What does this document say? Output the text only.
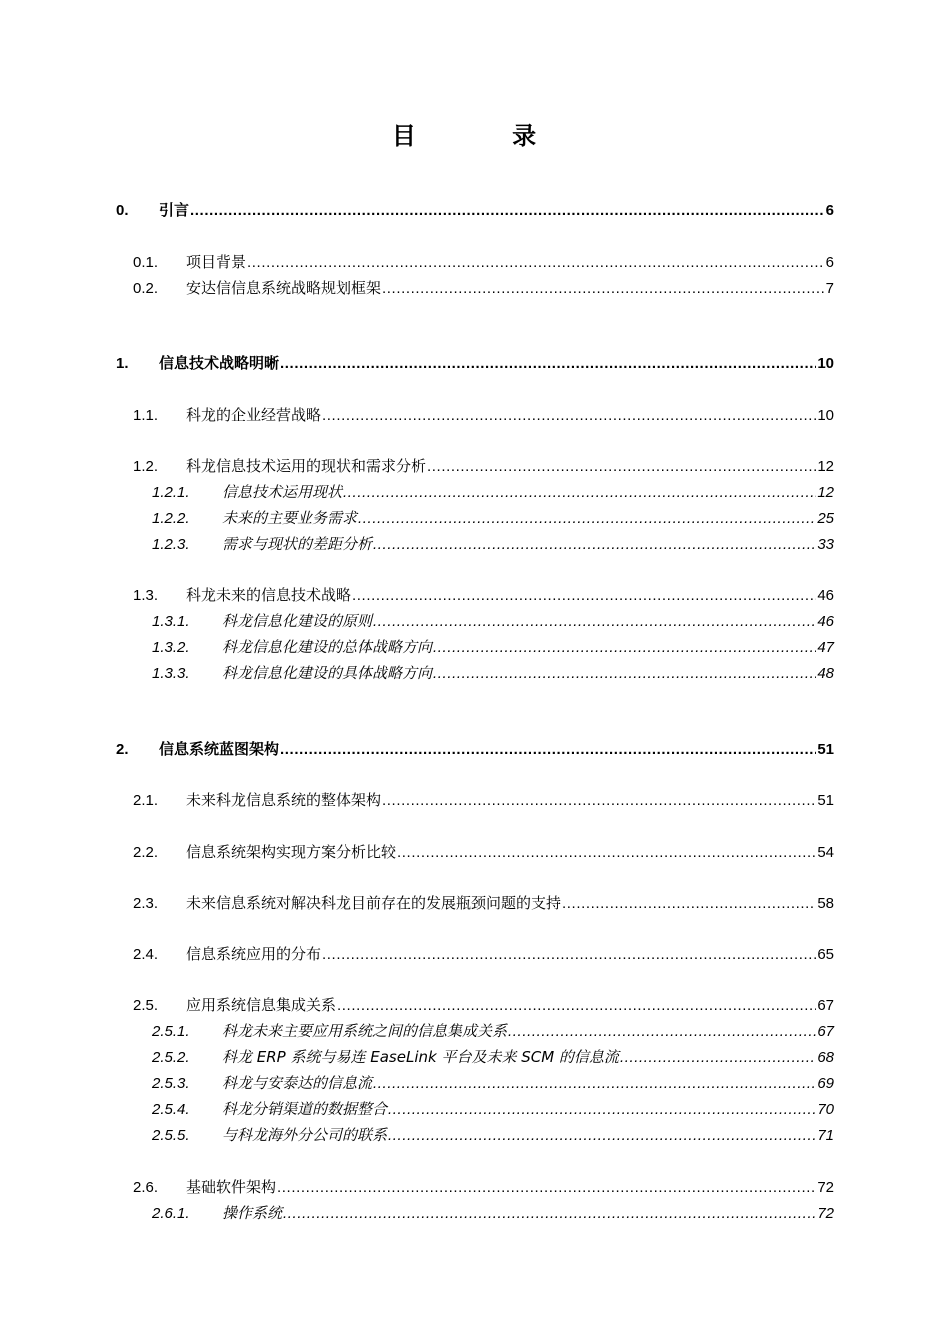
目 录
0.	引言 .....	6
0.1.	项目背景 .....	6
0.2.	安达信信息系统战略规划框架 .....	7
1.	信息技术战略明晰 .....	10
1.1.	科龙的企业经营战略 .....	10
1.2.	科龙信息技术运用的现状和需求分析 .....	12
1.2.1.	信息技术运用现状 .....	12
1.2.2.	未来的主要业务需求 .....	25
1.2.3.	需求与现状的差距分析 .....	33
1.3.	科龙未来的信息技术战略 .....	46
1.3.1.	科龙信息化建设的原则 .....	46
1.3.2.	科龙信息化建设的总体战略方向 .....	47
1.3.3.	科龙信息化建设的具体战略方向 .....	48
2.	信息系统蓝图架构 .....	51
2.1.	未来科龙信息系统的整体架构 .....	51
2.2.	信息系统架构实现方案分析比较 .....	54
2.3.	未来信息系统对解决科龙目前存在的发展瓶颈问题的支持 .....	58
2.4.	信息系统应用的分布 .....	65
2.5.	应用系统信息集成关系 .....	67
2.5.1.	科龙未来主要应用系统之间的信息集成关系 .....	67
2.5.2.	科龙 ERP 系统与易连 EaseLink 平台及未来 SCM 的信息流 .....	68
2.5.3.	科龙与安泰达的信息流 .....	69
2.5.4.	科龙分销渠道的数据整合 .....	70
2.5.5.	与科龙海外分公司的联系 .....	71
2.6.	基础软件架构 .....	72
2.6.1.	操作系统 .....	72
